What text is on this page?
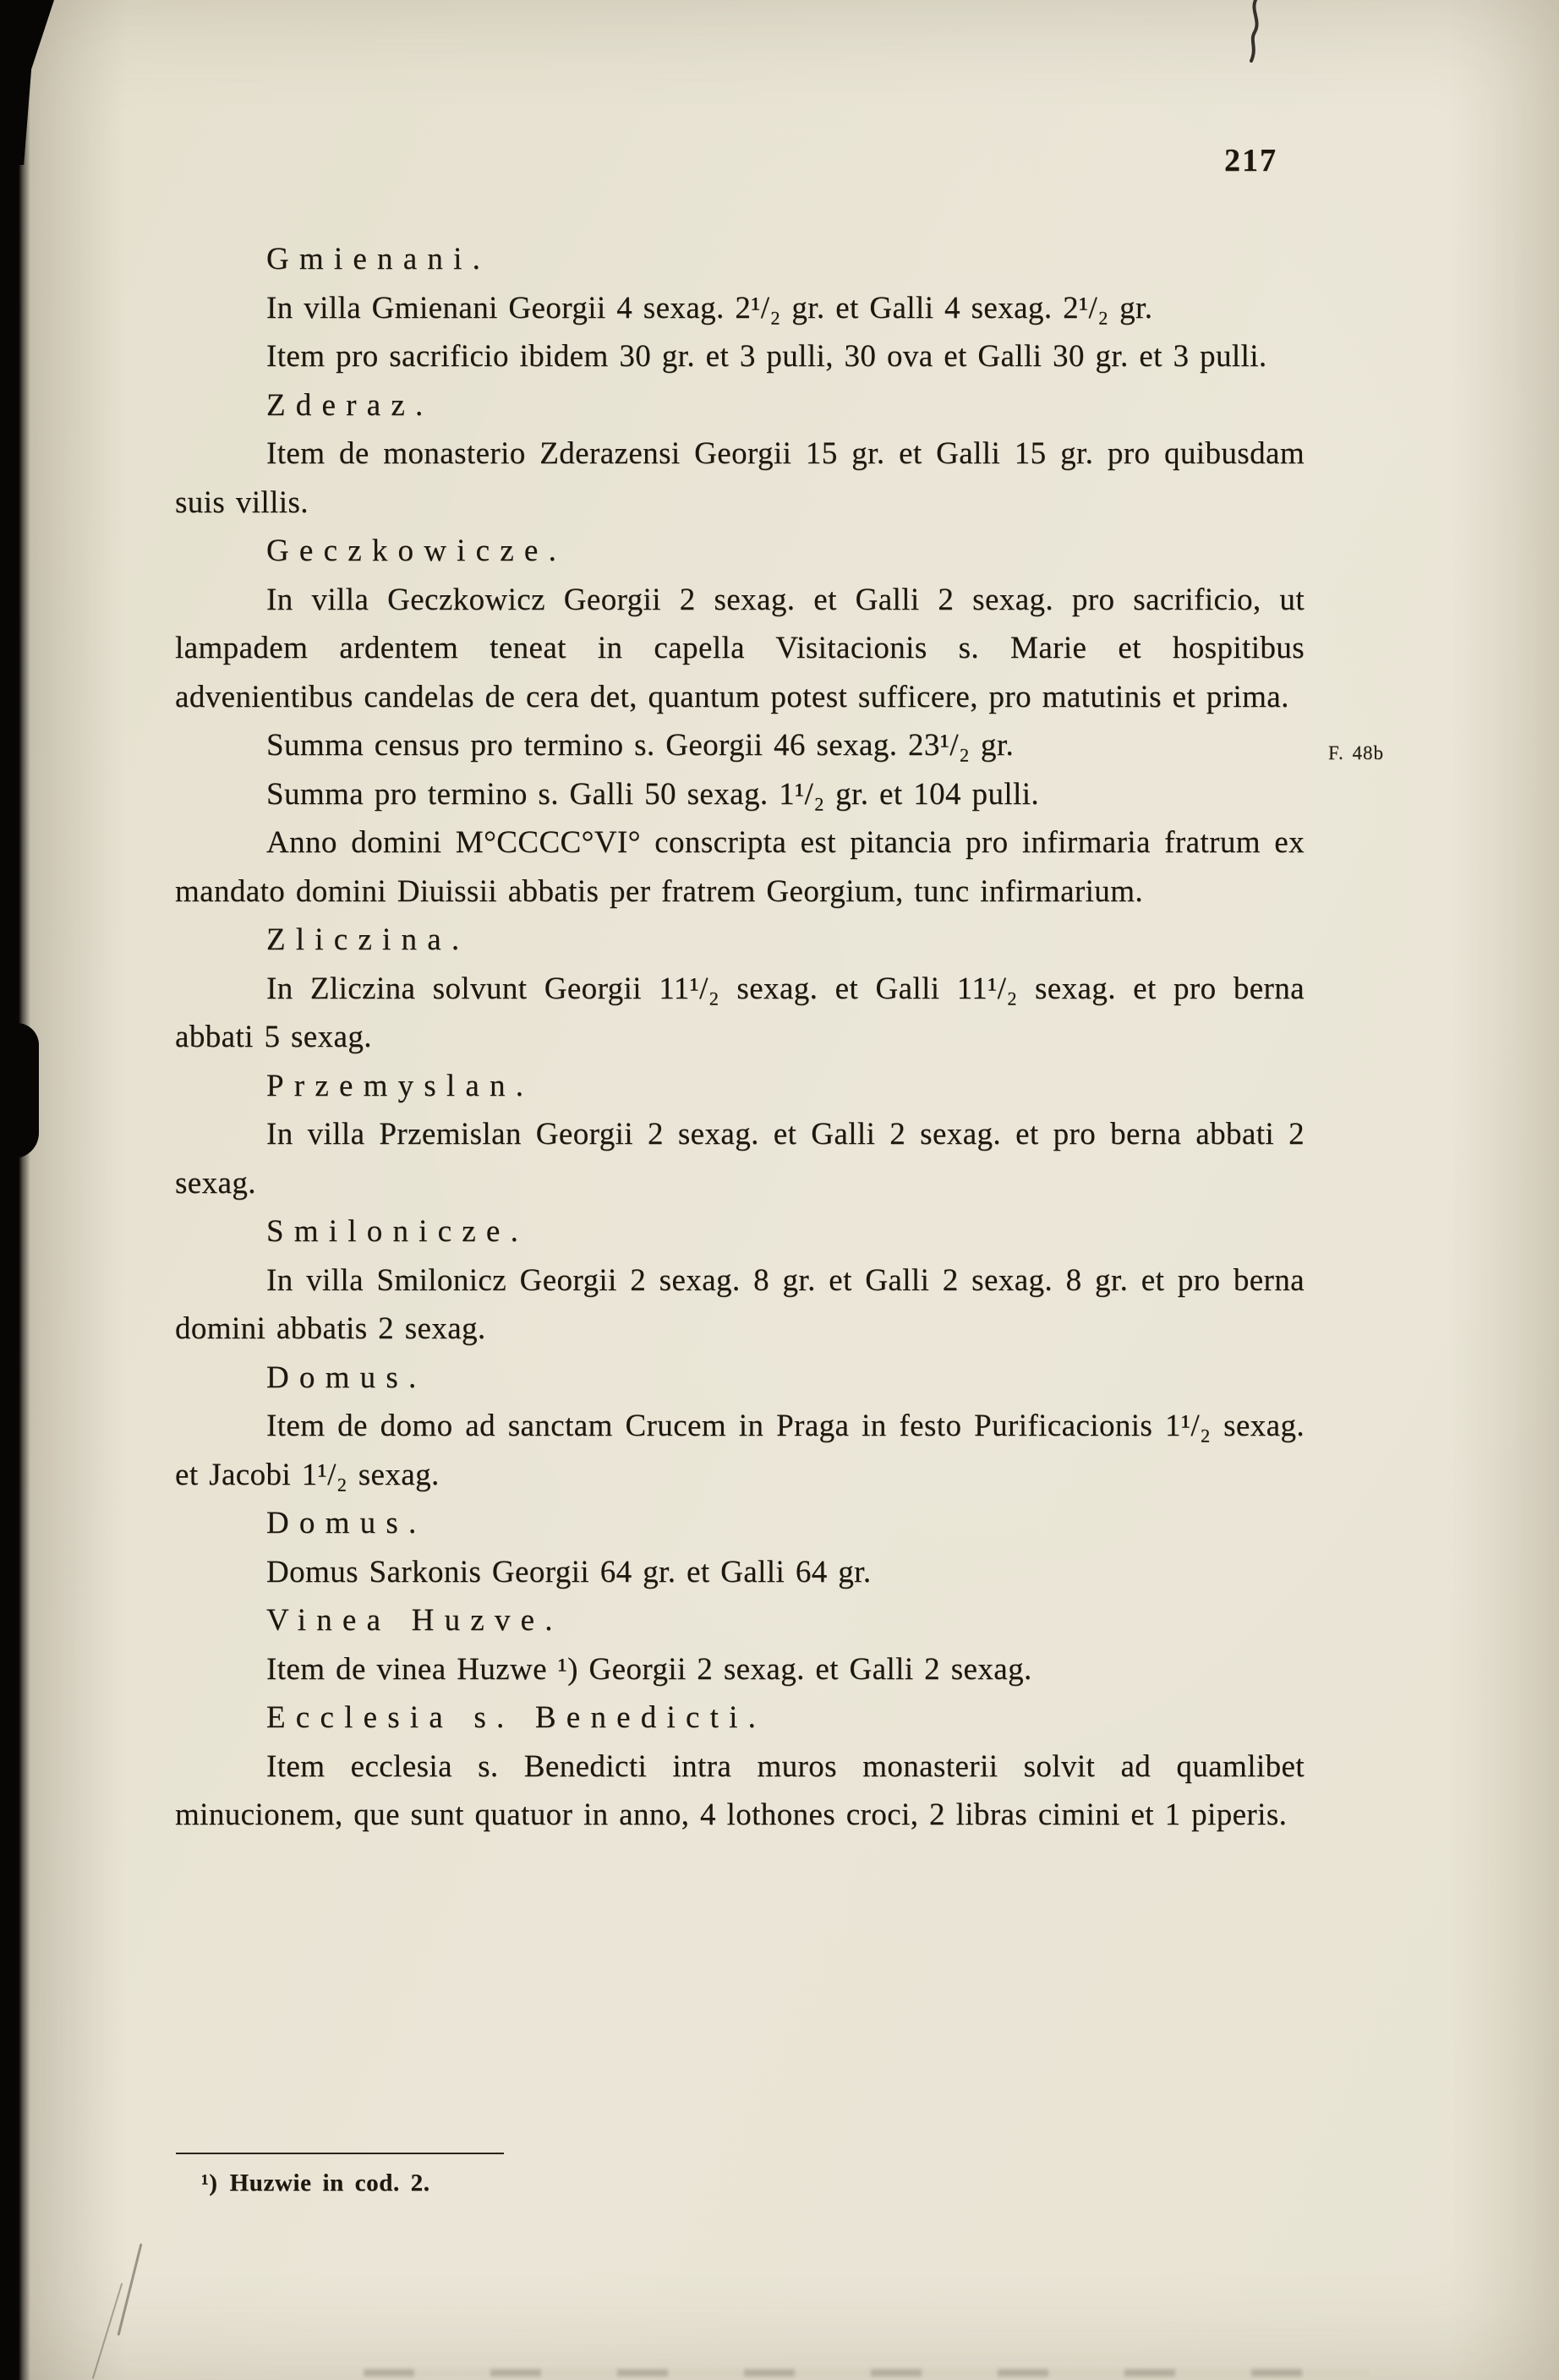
217
Gmienani.

In villa Gmienani Georgii 4 sexag. 2¹/₂ gr. et Galli 4 sexag. 2¹/₂ gr.

Item pro sacrificio ibidem 30 gr. et 3 pulli, 30 ova et Galli 30 gr. et 3 pulli.

Zderaz.

Item de monasterio Zderazensi Georgii 15 gr. et Galli 15 gr. pro quibusdam suis villis.

Geczkowicze.

In villa Geczkowicz Georgii 2 sexag. et Galli 2 sexag. pro sacrificio, ut lampadem ardentem teneat in capella Visitacionis s. Marie et hospitibus advenientibus candelas de cera det, quantum potest sufficere, pro matutinis et prima.

Summa census pro termino s. Georgii 46 sexag. 23¹/₂ gr.	F. 48b

Summa pro termino s. Galli 50 sexag. 1¹/₂ gr. et 104 pulli.

Anno domini M°CCCC°VI° conscripta est pitancia pro infirmaria fratrum ex mandato domini Diuissii abbatis per fratrem Georgium, tunc infirmarium.

Zliczina.

In Zliczina solvunt Georgii 11¹/₂ sexag. et Galli 11¹/₂ sexag. et pro berna abbati 5 sexag.

Przemyslan.

In villa Przemislan Georgii 2 sexag. et Galli 2 sexag. et pro berna abbati 2 sexag.

Smilonicze.

In villa Smilonicz Georgii 2 sexag. 8 gr. et Galli 2 sexag. 8 gr. et pro berna domini abbatis 2 sexag.

Domus.

Item de domo ad sanctam Crucem in Praga in festo Purificacionis 1¹/₂ sexag. et Jacobi 1¹/₂ sexag.

Domus.

Domus Sarkonis Georgii 64 gr. et Galli 64 gr.

Vinea Huzve.

Item de vinea Huzwe ¹) Georgii 2 sexag. et Galli 2 sexag.

Ecclesia s. Benedicti.

Item ecclesia s. Benedicti intra muros monasterii solvit ad quamlibet minucionem, que sunt quatuor in anno, 4 lothones croci, 2 libras cimini et 1 piperis.

¹) Huzwie in cod. 2.
